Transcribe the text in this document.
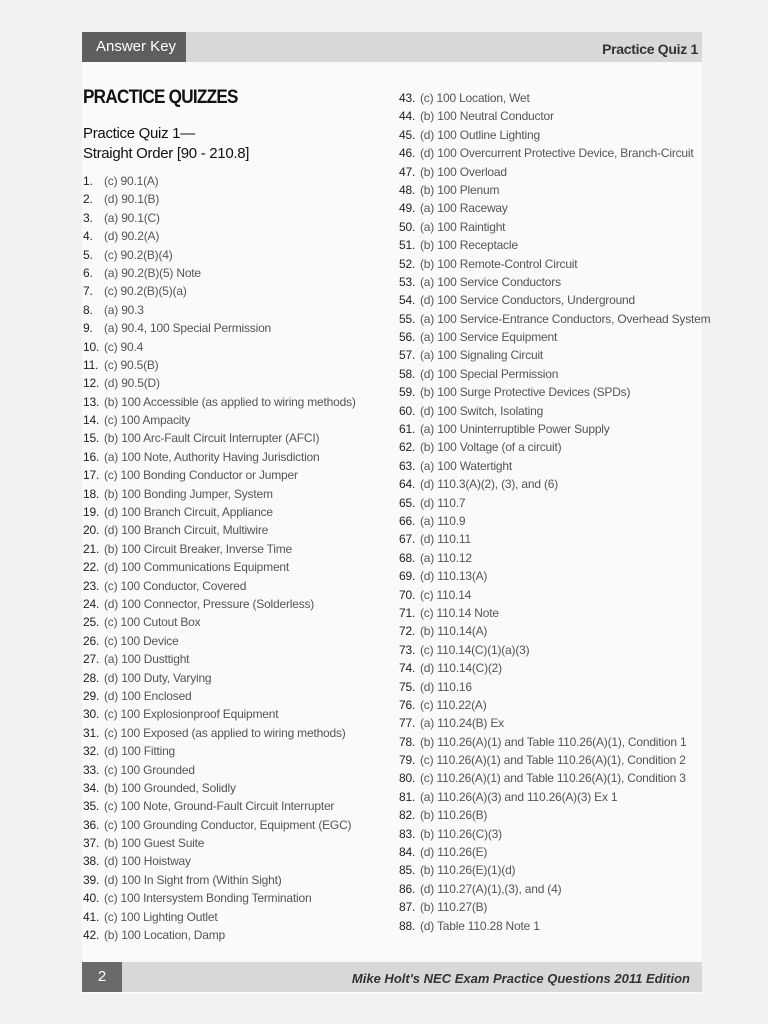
Answer Key	Practice Quiz 1
PRACTICE QUIZZES
Practice Quiz 1—
Straight Order [90 - 210.8]
1. (c) 90.1(A)
2. (d) 90.1(B)
3. (a) 90.1(C)
4. (d) 90.2(A)
5. (c) 90.2(B)(4)
6. (a) 90.2(B)(5) Note
7. (c) 90.2(B)(5)(a)
8. (a) 90.3
9. (a) 90.4, 100 Special Permission
10. (c) 90.4
11. (c) 90.5(B)
12. (d) 90.5(D)
13. (b) 100 Accessible (as applied to wiring methods)
14. (c) 100 Ampacity
15. (b) 100 Arc-Fault Circuit Interrupter (AFCI)
16. (a) 100 Note, Authority Having Jurisdiction
17. (c) 100 Bonding Conductor or Jumper
18. (b) 100 Bonding Jumper, System
19. (d) 100 Branch Circuit, Appliance
20. (d) 100 Branch Circuit, Multiwire
21. (b) 100 Circuit Breaker, Inverse Time
22. (d) 100 Communications Equipment
23. (c) 100 Conductor, Covered
24. (d) 100 Connector, Pressure (Solderless)
25. (c) 100 Cutout Box
26. (c) 100 Device
27. (a) 100 Dusttight
28. (d) 100 Duty, Varying
29. (d) 100 Enclosed
30. (c) 100 Explosionproof Equipment
31. (c) 100 Exposed (as applied to wiring methods)
32. (d) 100 Fitting
33. (c) 100 Grounded
34. (b) 100 Grounded, Solidly
35. (c) 100 Note, Ground-Fault Circuit Interrupter
36. (c) 100 Grounding Conductor, Equipment (EGC)
37. (b) 100 Guest Suite
38. (d) 100 Hoistway
39. (d) 100 In Sight from (Within Sight)
40. (c) 100 Intersystem Bonding Termination
41. (c) 100 Lighting Outlet
42. (b) 100 Location, Damp
43. (c) 100 Location, Wet
44. (b) 100 Neutral Conductor
45. (d) 100 Outline Lighting
46. (d) 100 Overcurrent Protective Device, Branch-Circuit
47. (b) 100 Overload
48. (b) 100 Plenum
49. (a) 100 Raceway
50. (a) 100 Raintight
51. (b) 100 Receptacle
52. (b) 100 Remote-Control Circuit
53. (a) 100 Service Conductors
54. (d) 100 Service Conductors, Underground
55. (a) 100 Service-Entrance Conductors, Overhead System
56. (a) 100 Service Equipment
57. (a) 100 Signaling Circuit
58. (d) 100 Special Permission
59. (b) 100 Surge Protective Devices (SPDs)
60. (d) 100 Switch, Isolating
61. (a) 100 Uninterruptible Power Supply
62. (b) 100 Voltage (of a circuit)
63. (a) 100 Watertight
64. (d) 110.3(A)(2), (3), and (6)
65. (d) 110.7
66. (a) 110.9
67. (d) 110.11
68. (a) 110.12
69. (d) 110.13(A)
70. (c) 110.14
71. (c) 110.14 Note
72. (b) 110.14(A)
73. (c) 110.14(C)(1)(a)(3)
74. (d) 110.14(C)(2)
75. (d) 110.16
76. (c) 110.22(A)
77. (a) 110.24(B) Ex
78. (b) 110.26(A)(1) and Table 110.26(A)(1), Condition 1
79. (c) 110.26(A)(1) and Table 110.26(A)(1), Condition 2
80. (c) 110.26(A)(1) and Table 110.26(A)(1), Condition 3
81. (a) 110.26(A)(3) and 110.26(A)(3) Ex 1
82. (b) 110.26(B)
83. (b) 110.26(C)(3)
84. (d) 110.26(E)
85. (b) 110.26(E)(1)(d)
86. (d) 110.27(A)(1),(3), and (4)
87. (b) 110.27(B)
88. (d) Table 110.28 Note 1
2	Mike Holt's NEC Exam Practice Questions 2011 Edition
